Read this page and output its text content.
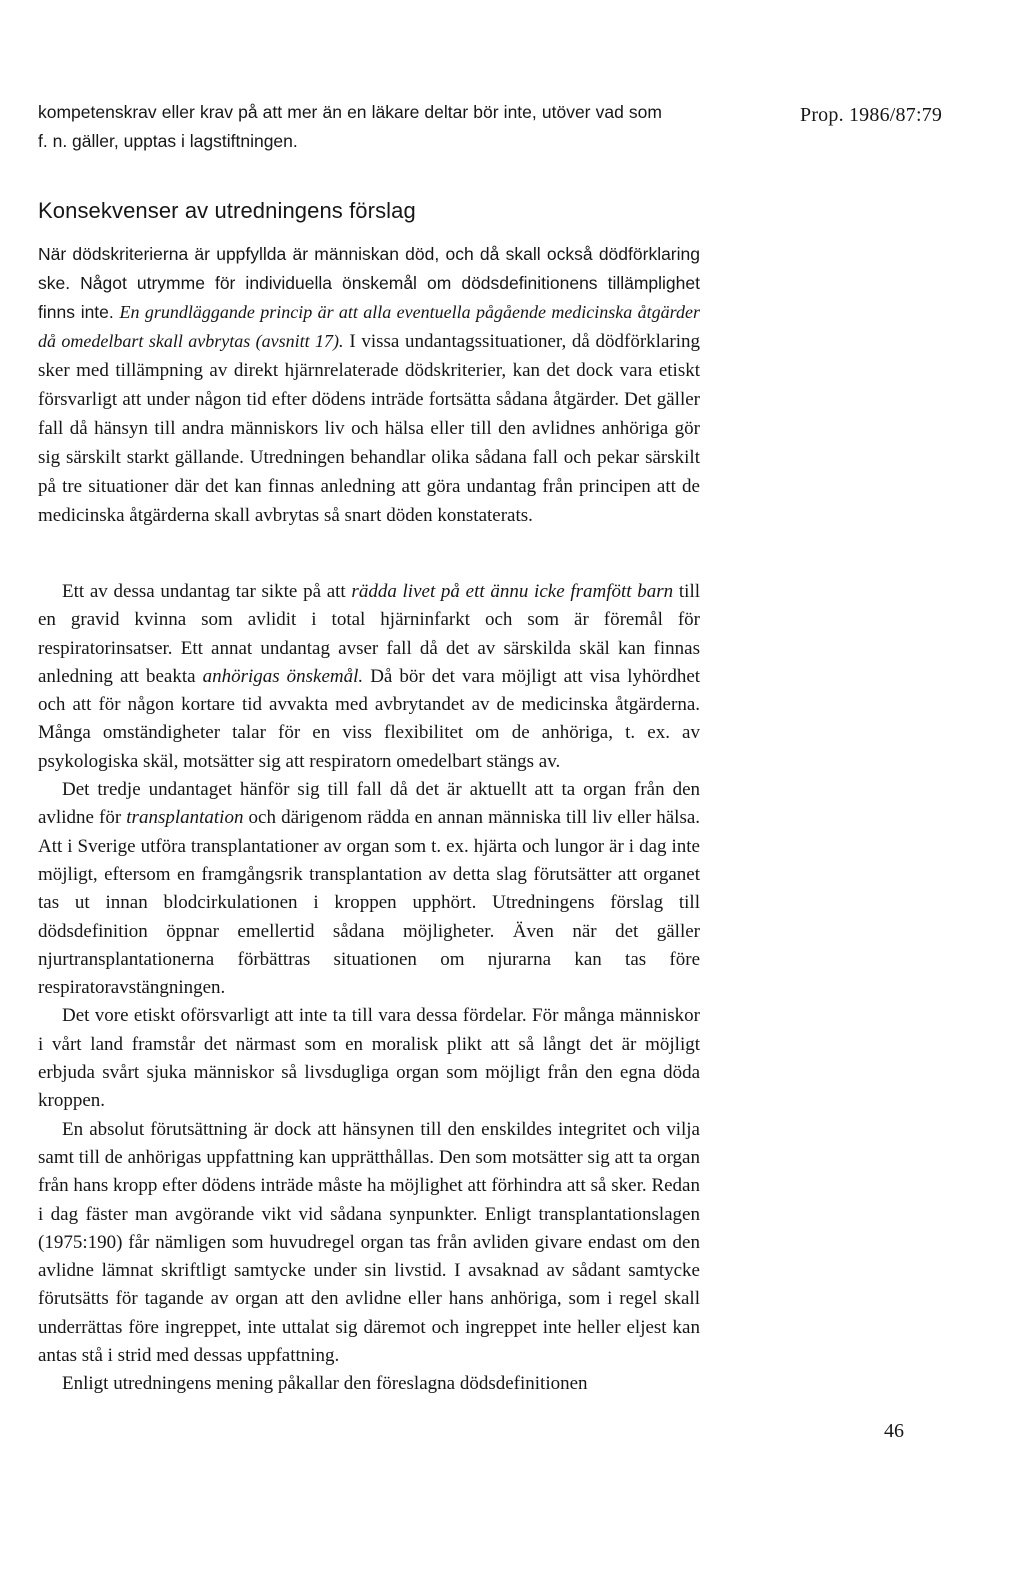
kompetenskrav eller krav på att mer än en läkare deltar bör inte, utöver vad som f. n. gäller, upptas i lagstiftningen.

Prop. 1986/87:79
Konsekvenser av utredningens förslag
När dödskriterierna är uppfyllda är människan död, och då skall också dödförklaring ske. Något utrymme för individuella önskemål om dödsdefinitionens tillämplighet finns inte. En grundläggande princip är att alla eventuella pågående medicinska åtgärder då omedelbart skall avbrytas (avsnitt 17). I vissa undantagssituationer, då dödförklaring sker med tillämpning av direkt hjärnrelaterade dödskriterier, kan det dock vara etiskt försvarligt att under någon tid efter dödens inträde fortsätta sådana åtgärder. Det gäller fall då hänsyn till andra människors liv och hälsa eller till den avlidnes anhöriga gör sig särskilt starkt gällande. Utredningen behandlar olika sådana fall och pekar särskilt på tre situationer där det kan finnas anledning att göra undantag från principen att de medicinska åtgärderna skall avbrytas så snart döden konstaterats.

Ett av dessa undantag tar sikte på att rädda livet på ett ännu icke framfött barn till en gravid kvinna som avlidit i total hjärninfarkt och som är föremål för respiratorinsatser. Ett annat undantag avser fall då det av särskilda skäl kan finnas anledning att beakta anhörigas önskemål. Då bör det vara möjligt att visa lyhördhet och att för någon kortare tid avvakta med avbrytandet av de medicinska åtgärderna. Många omständigheter talar för en viss flexibilitet om de anhöriga, t. ex. av psykologiska skäl, motsätter sig att respiratorn omedelbart stängs av.

Det tredje undantaget hänför sig till fall då det är aktuellt att ta organ från den avlidne för transplantation och därigenom rädda en annan människa till liv eller hälsa. Att i Sverige utföra transplantationer av organ som t. ex. hjärta och lungor är i dag inte möjligt, eftersom en framgångsrik transplantation av detta slag förutsätter att organet tas ut innan blodcirkulationen i kroppen upphört. Utredningens förslag till dödsdefinition öppnar emellertid sådana möjligheter. Även när det gäller njurtransplantationerna förbättras situationen om njurarna kan tas före respiratoravstängningen.

Det vore etiskt oförsvarligt att inte ta till vara dessa fördelar. För många människor i vårt land framstår det närmast som en moralisk plikt att så långt det är möjligt erbjuda svårt sjuka människor så livsdugliga organ som möjligt från den egna döda kroppen.

En absolut förutsättning är dock att hänsynen till den enskildes integritet och vilja samt till de anhörigas uppfattning kan upprätthållas. Den som motsätter sig att ta organ från hans kropp efter dödens inträde måste ha möjlighet att förhindra att så sker. Redan i dag fäster man avgörande vikt vid sådana synpunkter. Enligt transplantationslagen (1975:190) får nämligen som huvudregel organ tas från avliden givare endast om den avlidne lämnat skriftligt samtycke under sin livstid. I avsaknad av sådant samtycke förutsätts för tagande av organ att den avlidne eller hans anhöriga, som i regel skall underrättas före ingreppet, inte uttalat sig däremot och ingreppet inte heller eljest kan antas stå i strid med dessas uppfattning.

Enligt utredningens mening påkallar den föreslagna dödsdefinitionen

46
